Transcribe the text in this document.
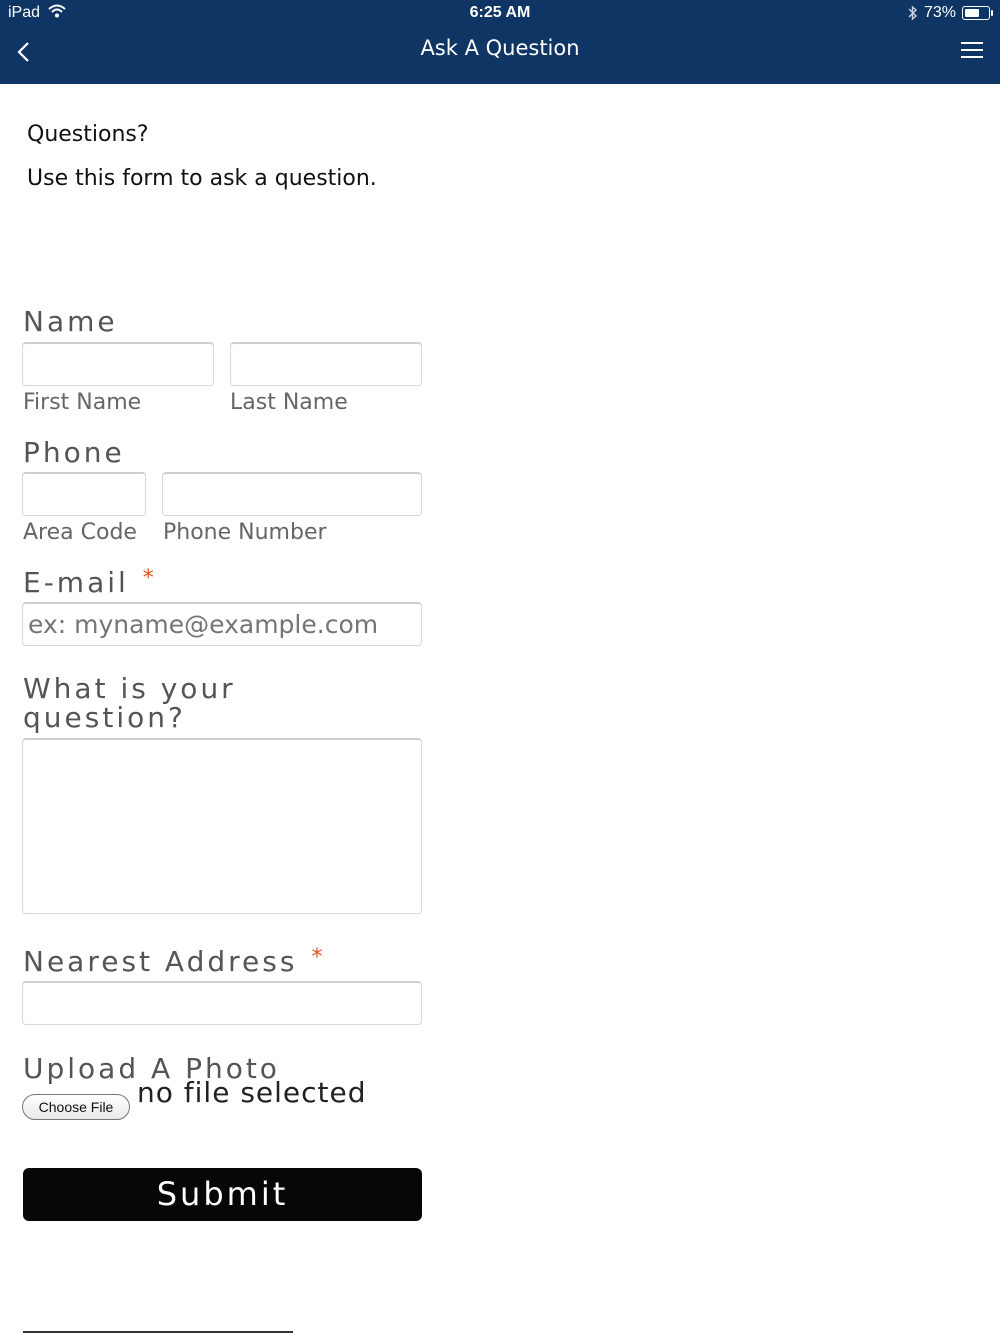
iPad	6:25 AM	73%
Ask A Question
Questions?
Use this form to ask a question.
Name
First Name	Last Name
Phone
Area Code Phone Number
E-mail *
ex: myname@example.com
What is your
question?
Nearest Address *
Upload A Photo
Choose File no file selected
Submit
